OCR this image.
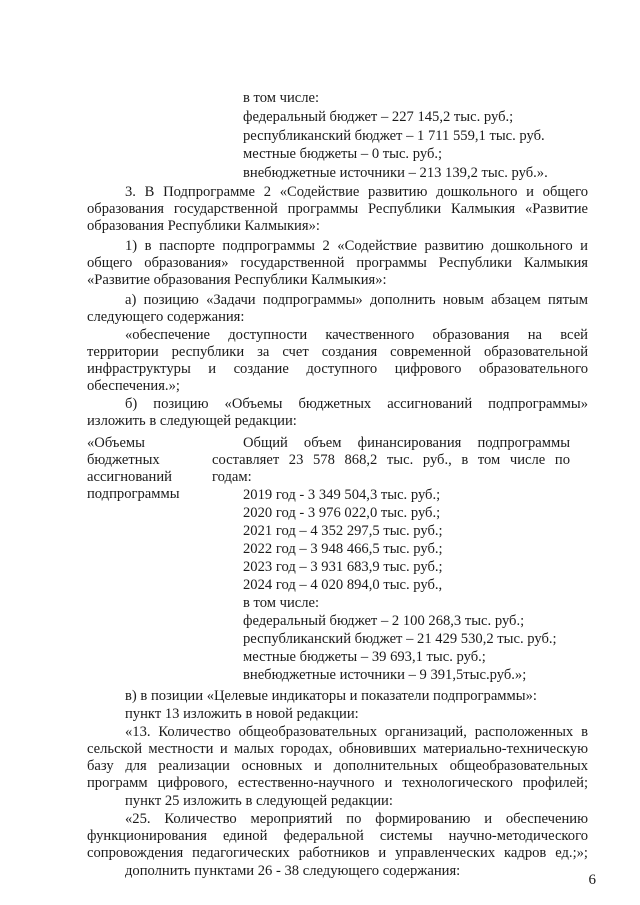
в том числе:
федеральный бюджет – 227 145,2 тыс. руб.;
республиканский бюджет – 1 711 559,1 тыс. руб.
местные бюджеты – 0 тыс. руб.;
внебюджетные источники – 213 139,2 тыс. руб.».
3. В Подпрограмме 2 «Содействие развитию дошкольного и общего
образования государственной программы Республики Калмыкия «Развитие
образования Республики Калмыкия»:
1) в паспорте подпрограммы 2 «Содействие развитию дошкольного и
общего образования» государственной программы Республики Калмыкия
«Развитие образования Республики Калмыкия»:
а) позицию «Задачи подпрограммы» дополнить новым абзацем пятым
следующего содержания:
«обеспечение доступности качественного образования на всей
территории республики за счет создания современной образовательной
инфраструктуры и создание доступного цифрового образовательного
обеспечения.»;
б) позицию «Объемы бюджетных ассигнований подпрограммы»
изложить в следующей редакции:
«Объемы
бюджетных
ассигнований
подпрограммы
Общий объем финансирования подпрограммы
составляет 23 578 868,2 тыс. руб., в том числе по
годам:
2019 год - 3 349 504,3 тыс. руб.;
2020 год - 3 976 022,0 тыс. руб.;
2021 год – 4 352 297,5 тыс. руб.;
2022 год – 3 948 466,5 тыс. руб.;
2023 год – 3 931 683,9 тыс. руб.;
2024 год – 4 020 894,0 тыс. руб.,
в том числе:
федеральный бюджет – 2 100 268,3 тыс. руб.;
республиканский бюджет – 21 429 530,2 тыс. руб.;
местные бюджеты – 39 693,1 тыс. руб.;
внебюджетные источники – 9 391,5тыс.руб.»;
в) в позиции «Целевые индикаторы и показатели подпрограммы»:
пункт 13 изложить в новой редакции:
«13. Количество общеобразовательных организаций, расположенных в
сельской местности и малых городах, обновивших материально-техническую
базу для реализации основных и дополнительных общеобразовательных
программ цифрового, естественно-научного и технологического профилей;
пункт 25 изложить в следующей редакции:
«25. Количество мероприятий по формированию и обеспечению
функционирования единой федеральной системы научно-методического
сопровождения педагогических работников и управленческих кадров ед.;»;
дополнить пунктами 26 - 38 следующего содержания:
6
